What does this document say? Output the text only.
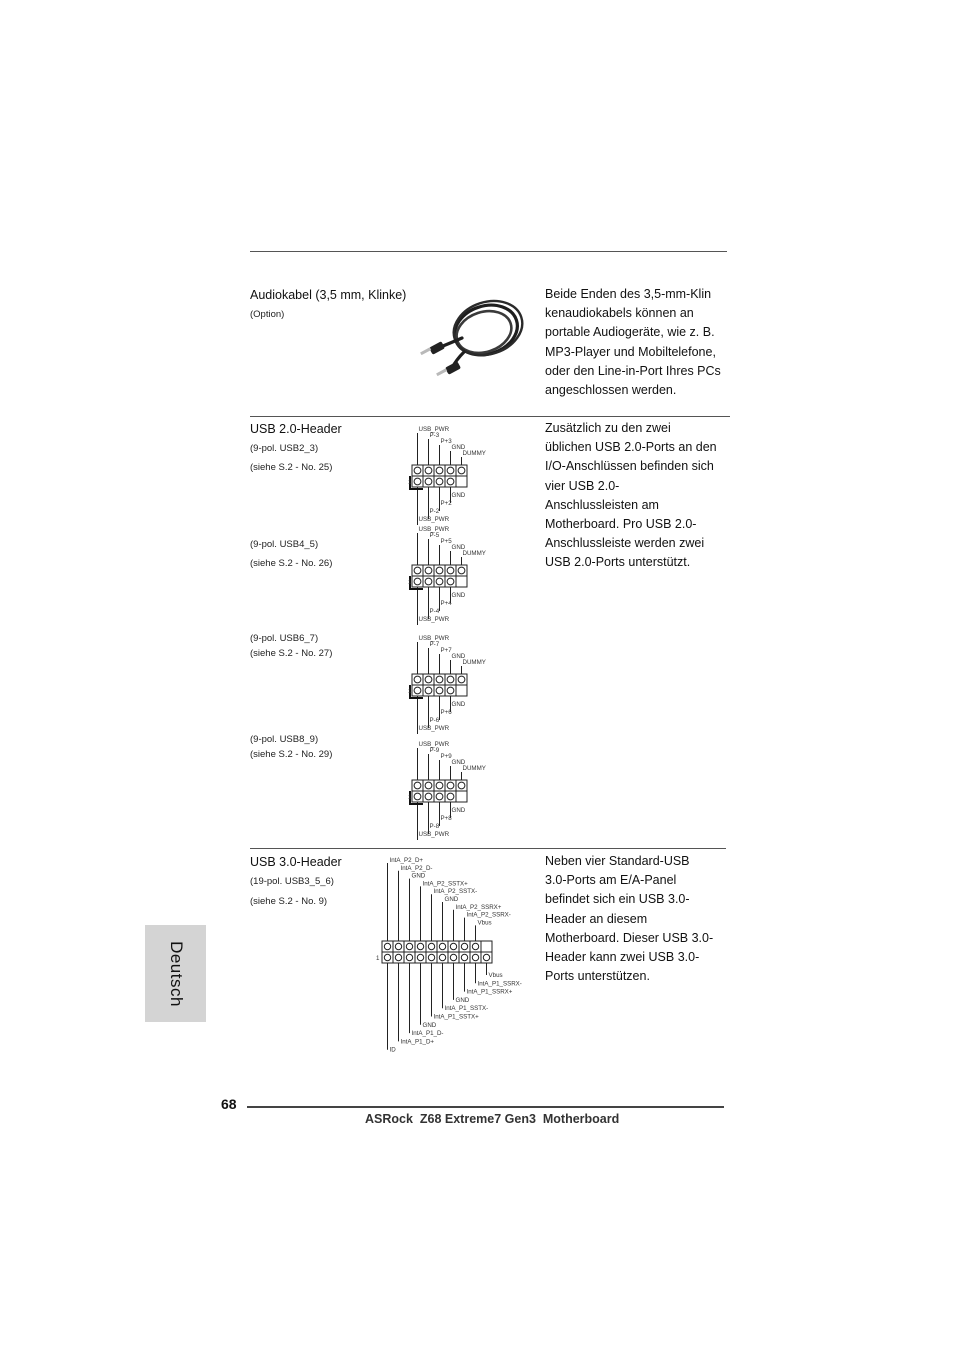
Audiokabel (3,5 mm, Klinke)
(Option)
Beide Enden des 3,5-mm-Klin
kenaudiokabels können an
portable Audiogeräte, wie z. B.
MP3-Player und Mobiltelefone,
oder den Line-in-Port Ihres PCs
angeschlossen werden.
USB 2.0-Header
(9-pol. USB2_3)
(siehe S.2 - No. 25)
(9-pol. USB4_5)
(siehe S.2 - No. 26)
(9-pol. USB6_7)
(siehe S.2 - No. 27)
(9-pol. USB8_9)
(siehe S.2 - No. 29)
Zusätzlich zu den zwei
üblichen USB 2.0-Ports an den
I/O-Anschlüssen befinden sich
vier USB 2.0-
Anschlussleisten am
Motherboard. Pro USB 2.0-
Anschlussleiste werden zwei
USB 2.0-Ports unterstützt.
USB_PWR
P-3
P+3
GND
DUMMY
GND
P+2
P-2
USB_PWR
1
USB_PWR
P-5
P+5
GND
DUMMY
GND
P+4
P-4
USB_PWR
1
USB_PWR
P-7
P+7
GND
DUMMY
GND
P+6
P-6
USB_PWR
1
USB_PWR
P-9
P+9
GND
DUMMY
GND
P+8
P-8
USB_PWR
1
USB 3.0-Header
(19-pol. USB3_5_6)
(siehe S.2 - No. 9)
Neben vier Standard-USB
3.0-Ports am E/A-Panel
befindet sich ein USB 3.0-
Header an diesem
Motherboard. Dieser USB 3.0-
Header kann zwei USB 3.0-
Ports unterstützen.
1
IntA_P2_D+
IntA_P2_D-
GND
IntA_P2_SSTX+
IntA_P2_SSTX-
GND
IntA_P2_SSRX+
IntA_P2_SSRX-
Vbus
Vbus
IntA_P1_SSRX-
IntA_P1_SSRX+
GND
IntA_P1_SSTX-
IntA_P1_SSTX+
GND
IntA_P1_D-
IntA_P1_D+
ID
Deutsch
68
ASRock  Z68 Extreme7 Gen3  Motherboard
